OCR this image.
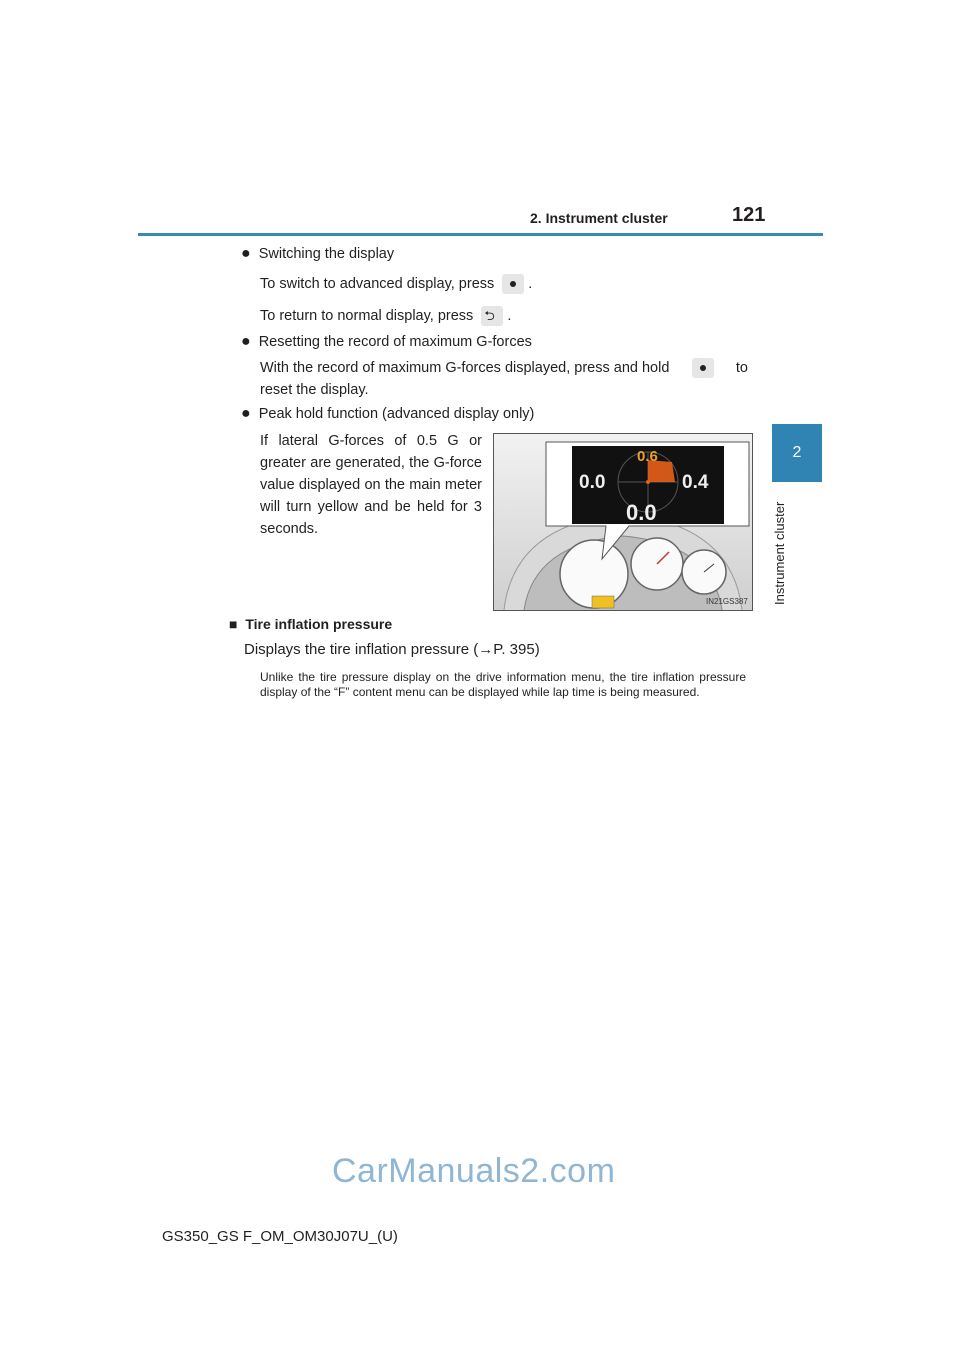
2. Instrument cluster	121
2
Instrument cluster
● Switching the display
To switch to advanced display, press .
To return to normal display, press ⮌ .
● Resetting the record of maximum G-forces
With the record of maximum G-forces displayed, press and hold	to
reset the display.
● Peak hold function (advanced display only)
If lateral G-forces of 0.5 G or greater are generated, the G-force value displayed on the main meter will turn yellow and be held for 3 seconds.
0.6
0.0	0.4
0.0
IN21GS387
■ Tire inflation pressure
Displays the tire inflation pressure (→P. 395)
Unlike the tire pressure display on the drive information menu, the tire inflation pressure display of the “F” content menu can be displayed while lap time is being measured.
CarManuals2.com
GS350_GS F_OM_OM30J07U_(U)
